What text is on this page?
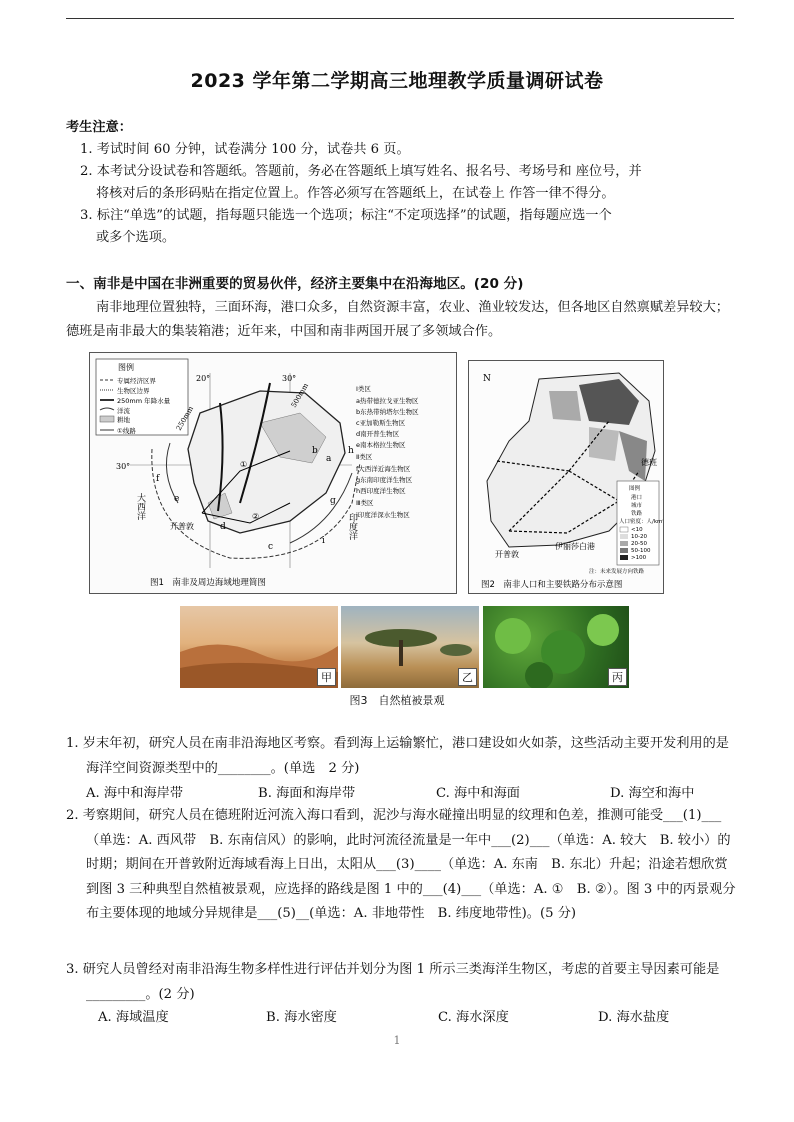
2023 学年第二学期高三地理教学质量调研试卷
考生注意：
1. 考试时间 60 分钟，试卷满分 100 分，试卷共 6 页。
2. 本考试分设试卷和答题纸。答题前，务必在答题纸上填写姓名、报名号、考场号和 座位号，并
将核对后的条形码贴在指定位置上。作答必须写在答题纸上，在试卷上 作答一律不得分。
3. 标注“单选”的试题，指每题只能选一个选项；标注“不定项选择”的试题，指每题应选一个
或多个选项。
一、南非是中国在非洲重要的贸易伙伴，经济主要集中在沿海地区。(20 分)
南非地理位置独特，三面环海，港口众多，自然资源丰富，农业、渔业较发达，但各地区自然禀赋差异较大；德班是南非最大的集装箱港；近年来，中国和南非两国开展了多领域合作。
图例
专属经济区界
生物区边界
250mm 年降水量
洋流
耕地
①线路
20°	30°
30°
500mm
250mm
a
b
c
d
e
f
g
h
i
①
②
大西洋
印度洋
开普敦
Ⅰ类区
a热带德拉戈亚生物区
b东热带纳塔尔生物区
c亚加勒斯生物区
d南开普生物区
e南本格拉生物区
Ⅱ类区
f大西洋近海生物区
g东南印度洋生物区
h西印度洋生物区
Ⅲ类区
i印度洋深水生物区
图1　南非及周边海域地理简图
N
开普敦
伊丽莎白港
德班
图例
港口
城市
铁路
人口密度：人/km²
<10
10-20
20-50
50-100
>100
注：未来发展方向铁路
图2　南非人口和主要铁路分布示意图
甲	乙	丙
图3　自然植被景观
1. 岁末年初，研究人员在南非沿海地区考察。看到海上运输繁忙，港口建设如火如荼，这些活动主要开发利用的是海洋空间资源类型中的________。(单选　2 分)
A. 海中和海岸带	B. 海面和海岸带	C. 海中和海面	D. 海空和海中
2. 考察期间，研究人员在德班附近河流入海口看到，泥沙与海水碰撞出明显的纹理和色差，推测可能受___(1)___（单选：A. 西风带　B. 东南信风）的影响，此时河流径流量是一年中___(2)___（单选：A. 较大　B. 较小）的时期；期间在开普敦附近海域看海上日出，太阳从___(3)____（单选：A. 东南　B. 东北）升起；沿途若想欣赏到图 3 三种典型自然植被景观，应选择的路线是图 1 中的___(4)___（单选：A. ①　B. ②）。图 3 中的丙景观分布主要体现的地域分异规律是___(5)__(单选：A. 非地带性　B. 纬度地带性)。(5 分)
3. 研究人员曾经对南非沿海生物多样性进行评估并划分为图 1 所示三类海洋生物区，考虑的首要主导因素可能是_________。(2 分)
A. 海域温度	B. 海水密度	C. 海水深度	D. 海水盐度
1
